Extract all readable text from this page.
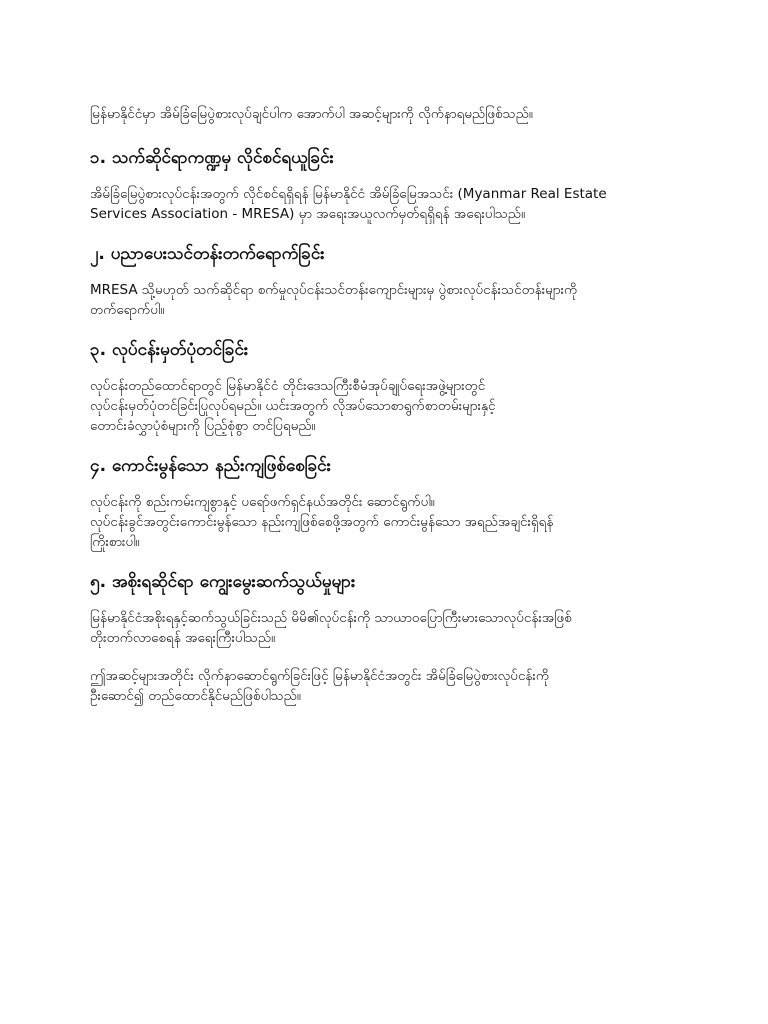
မြန်မာနိုင်ငံမှာ အိမ်ခြံမြေပွဲစားလုပ်ချင်ပါက အောက်ပါ အဆင့်များကို လိုက်နာရမည်ဖြစ်သည်။

၁. သက်ဆိုင်ရာကဏ္ဍမှ လိုင်စင်ရယူခြင်း

အိမ်ခြံမြေပွဲစားလုပ်ငန်းအတွက် လိုင်စင်ရရှိရန် မြန်မာနိုင်ငံ အိမ်ခြံမြေအသင်း (Myanmar Real Estate
Services Association - MRESA) မှာ အရေးအယူလက်မှတ်ရရှိရန် အရေးပါသည်။

၂. ပညာပေးသင်တန်းတက်ရောက်ခြင်း

MRESA သို့မဟုတ် သက်ဆိုင်ရာ စက်မှုလုပ်ငန်းသင်တန်းကျောင်းများမှ ပွဲစားလုပ်ငန်းသင်တန်းများကို
တက်ရောက်ပါ။

၃. လုပ်ငန်းမှတ်ပုံတင်ခြင်း

လုပ်ငန်းတည်ထောင်ရာတွင် မြန်မာနိုင်ငံ တိုင်းဒေသကြီးစီမံအုပ်ချုပ်ရေးအဖွဲ့များတွင်
လုပ်ငန်းမှတ်ပုံတင်ခြင်းပြုလုပ်ရမည်။ ယင်းအတွက် လိုအပ်သောစာရွက်စာတမ်းများနှင့်
တောင်းခံလွှာပုံစံများကို ပြည့်စုံစွာ တင်ပြရမည်။

၄. ကောင်းမွန်သော နည်းကျဖြစ်စေခြင်း

လုပ်ငန်းကို စည်းကမ်းကျစွာနှင့် ပရော်ဖက်ရှင်နယ်အတိုင်း ဆောင်ရွက်ပါ။
လုပ်ငန်းခွင်အတွင်းကောင်းမွန်သော နည်းကျဖြစ်စေဖို့အတွက် ကောင်းမွန်သော အရည်အချင်းရှိရန်
ကြိုးစားပါ။

၅. အစိုးရဆိုင်ရာ ကျွေးမွေးဆက်သွယ်မှုများ

မြန်မာနိုင်ငံအစိုးရနှင့်ဆက်သွယ်ခြင်းသည် မိမိ၏လုပ်ငန်းကို သာယာဝပြောကြီးမားသောလုပ်ငန်းအဖြစ်
တိုးတက်လာစေရန် အရေးကြီးပါသည်။

ဤအဆင့်များအတိုင်း လိုက်နာဆောင်ရွက်ခြင်းဖြင့် မြန်မာနိုင်ငံအတွင်း အိမ်ခြံမြေပွဲစားလုပ်ငန်းကို
ဦးဆောင်၍ တည်ထောင်နိုင်မည်ဖြစ်ပါသည်။
